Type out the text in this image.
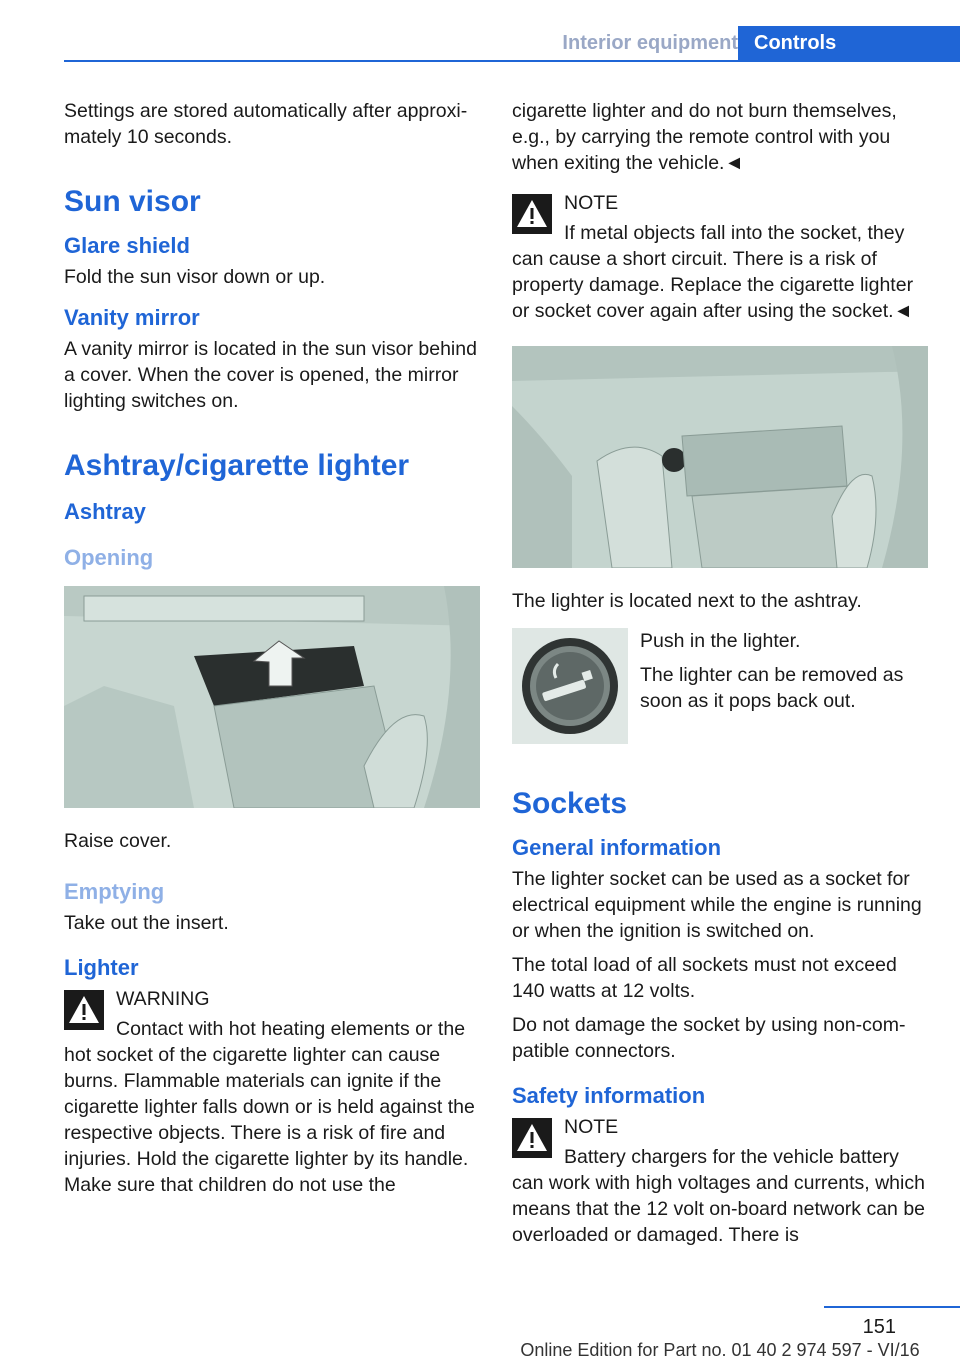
Interior equipment Controls

Settings are stored automatically after approximately 10 seconds.

Sun visor
Glare shield

Fold the sun visor down or up.

Vanity mirror

A vanity mirror is located in the sun visor behind a cover. When the cover is opened, the mirror lighting switches on.

Ashtray/cigarette lighter
Ashtray
Opening

Raise cover.

Emptying

Take out the insert.

Lighter

WARNING

Contact with hot heating elements or the

hot socket of the cigarette lighter can cause burns. Flammable materials can ignite if the cigarette lighter falls down or is held against the respective objects. There is a risk of fire and injuries. Hold the cigarette lighter by its handle. Make sure that children do not use the

cigarette lighter and do not burn themselves, e.g., by carrying the remote control with you when exiting the vehicle.◄

NOTE

If metal objects fall into the socket, they

can cause a short circuit. There is a risk of property damage. Replace the cigarette lighter or socket cover again after using the socket.◄

The lighter is located next to the ashtray.

Push in the lighter.

The lighter can be removed as soon as it pops back out.

Sockets
General information

The lighter socket can be used as a socket for electrical equipment while the engine is running or when the ignition is switched on.

The total load of all sockets must not exceed 140 watts at 12 volts.

Do not damage the socket by using non-compatible connectors.

Safety information

NOTE

Battery chargers for the vehicle battery

can work with high voltages and currents, which means that the 12 volt on-board network can be overloaded or damaged. There is

151
Online Edition for Part no. 01 40 2 974 597 - VI/16
